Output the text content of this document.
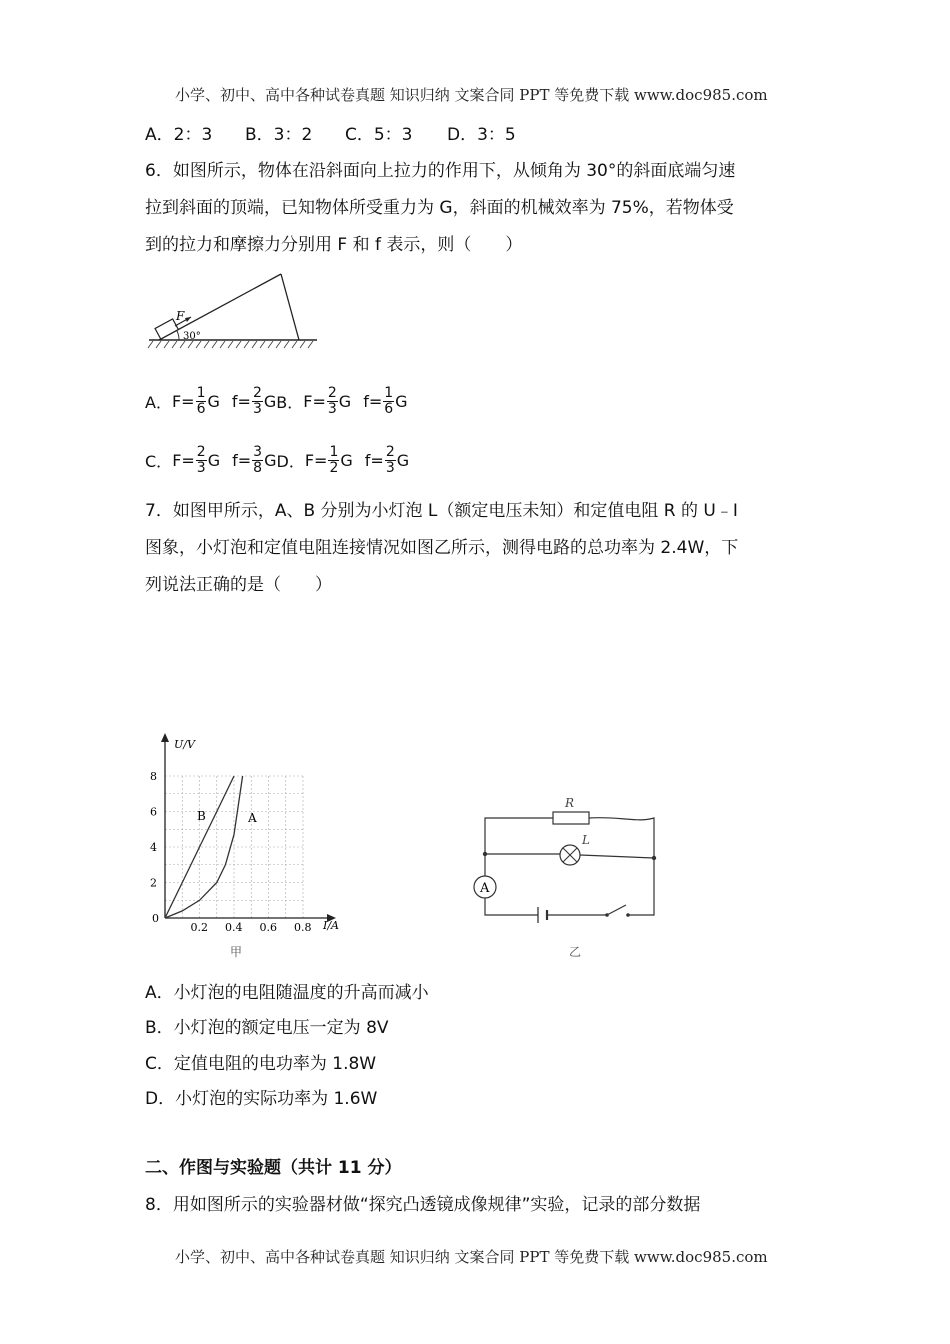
小学、初中、高中各种试卷真题 知识归纳 文案合同 PPT 等免费下载 www.doc985.com
A．2：3 B．3：2 C．5：3 D．3：5
6．如图所示，物体在沿斜面向上拉力的作用下，从倾角为 30°的斜面底端匀速
拉到斜面的顶端，已知物体所受重力为 G，斜面的机械效率为 75%，若物体受
到的拉力和摩擦力分别用 F 和 f 表示，则（　　）
F
30°
A． $F= \frac{1}{6}$ G $f= \frac{2}{3}$ G B． $F= \frac{2}{3}$ G $f= \frac{1}{6}$ G
C． $F= \frac{2}{3}$ G $f= \frac{3}{8}$ G D． $F= \frac{1}{2}$ G $f= \frac{2}{3}$ G
7．如图甲所示，A、B 分别为小灯泡 L（额定电压未知）和定值电阻 R 的 U﹣I
图象，小灯泡和定值电阻连接情况如图乙所示，测得电路的总功率为 2.4W，下
列说法正确的是（　　）
U/V
I/A
0
2
4
6
8
0.2 0.4 0.6 0.8
B	A
甲
R
L
A
乙
A．小灯泡的电阻随温度的升高而减小
B．小灯泡的额定电压一定为 8V
C．定值电阻的电功率为 1.8W
D．小灯泡的实际功率为 1.6W
二、作图与实验题（共计 11 分）
8．用如图所示的实验器材做“探究凸透镜成像规律”实验，记录的部分数据
小学、初中、高中各种试卷真题 知识归纳 文案合同 PPT 等免费下载 www.doc985.com
